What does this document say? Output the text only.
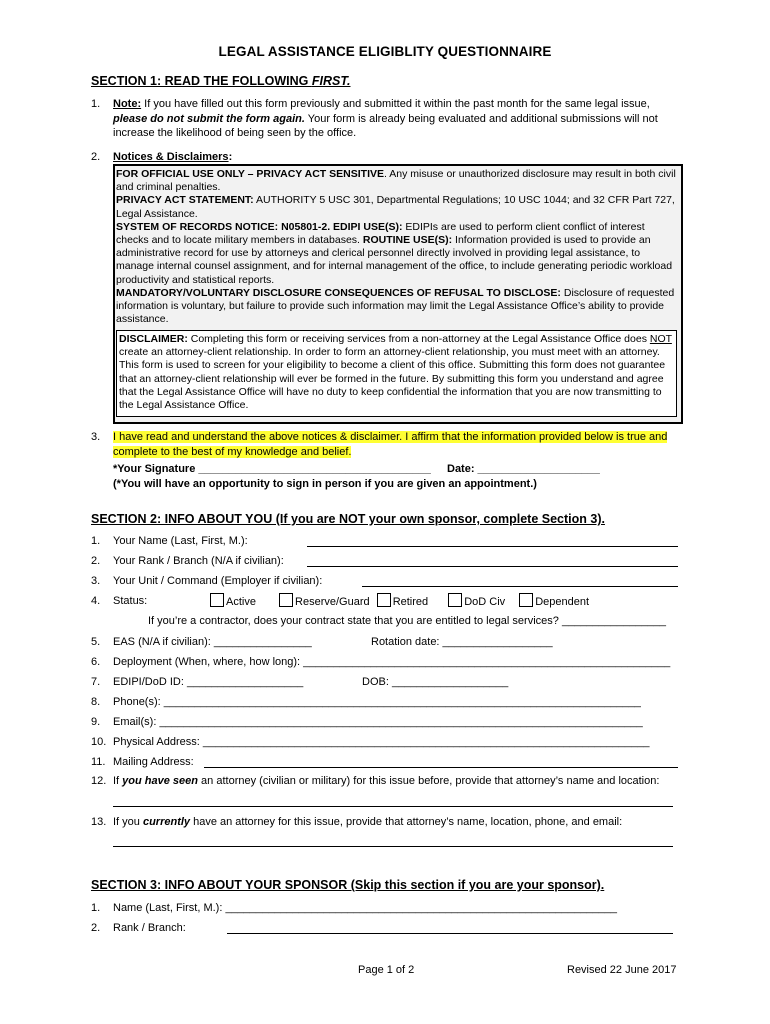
LEGAL ASSISTANCE ELIGIBLITY QUESTIONNAIRE
SECTION 1: READ THE FOLLOWING FIRST.
1. Note: If you have filled out this form previously and submitted it within the past month for the same legal issue, please do not submit the form again. Your form is already being evaluated and additional submissions will not increase the likelihood of being seen by the office.
2. Notices & Disclaimers:
FOR OFFICIAL USE ONLY – PRIVACY ACT SENSITIVE. Any misuse or unauthorized disclosure may result in both civil and criminal penalties.
PRIVACY ACT STATEMENT: AUTHORITY 5 USC 301, Departmental Regulations; 10 USC 1044; and 32 CFR Part 727, Legal Assistance.
SYSTEM OF RECORDS NOTICE: N05801-2. EDIPI USE(S): EDIPIs are used to perform client conflict of interest checks and to locate military members in databases. ROUTINE USE(S): Information provided is used to provide an administrative record for use by attorneys and clerical personnel directly involved in providing legal assistance, to manage internal counsel assignment, and for internal management of the office, to include generating periodic workload productivity and statistical reports.
MANDATORY/VOLUNTARY DISCLOSURE CONSEQUENCES OF REFUSAL TO DISCLOSE: Disclosure of requested information is voluntary, but failure to provide such information may limit the Legal Assistance Office’s ability to provide assistance.
DISCLAIMER: Completing this form or receiving services from a non-attorney at the Legal Assistance Office does NOT create an attorney-client relationship. In order to form an attorney-client relationship, you must meet with an attorney. This form is used to screen for your eligibility to become a client of this office. Submitting this form does not guarantee that an attorney-client relationship will ever be formed in the future. By submitting this form you understand and agree that the Legal Assistance Office will have no duty to keep confidential the information that you are now transmitting to the Legal Assistance Office.
3. I have read and understand the above notices & disclaimer. I affirm that the information provided below is true and complete to the best of my knowledge and belief.
*Your Signature ______________________________________ Date: ____________________
(*You will have an opportunity to sign in person if you are given an appointment.)
SECTION 2: INFO ABOUT YOU (If you are NOT your own sponsor, complete Section 3).
1. Your Name (Last, First, M.):
2. Your Rank / Branch (N/A if civilian):
3. Your Unit / Command (Employer if civilian):
4. Status:	Active	Reserve/Guard Retired	DoD Civ	Dependent
If you’re a contractor, does your contract state that you are entitled to legal services? _________________
5. EAS (N/A if civilian): ________________	Rotation date: __________________
6. Deployment (When, where, how long): ____________________________________________________________
7. EDIPI/DoD ID: ___________________	DOB: ___________________
8. Phone(s): ______________________________________________________________________________
9. Email(s): _______________________________________________________________________________
10. Physical Address: _________________________________________________________________________
11. Mailing Address:
12. If you have seen an attorney (civilian or military) for this issue before, provide that attorney’s name and location:
13. If you currently have an attorney for this issue, provide that attorney’s name, location, phone, and email:
SECTION 3: INFO ABOUT YOUR SPONSOR (Skip this section if you are your sponsor).
1. Name (Last, First, M.): ________________________________________________________________
2. Rank / Branch:
Page 1 of 2	Revised 22 June 2017
